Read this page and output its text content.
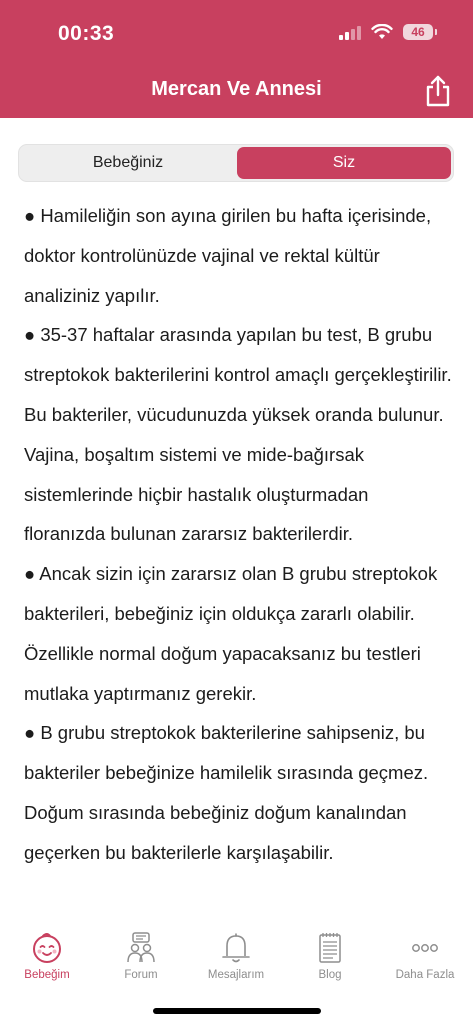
00:33	46
Mercan Ve Annesi
Bebeğiniz	Siz

● Hamileliğin son ayına girilen bu hafta içerisinde, doktor kontrolünüzde vajinal ve rektal kültür analiziniz yapılır.

● 35-37 haftalar arasında yapılan bu test, B grubu streptokok bakterilerini kontrol amaçlı gerçekleştirilir. Bu bakteriler, vücudunuzda yüksek oranda bulunur. Vajina, boşaltım sistemi ve mide-bağırsak sistemlerinde hiçbir hastalık oluşturmadan floranızda bulunan zararsız bakterilerdir.

● Ancak sizin için zararsız olan B grubu streptokok bakterileri, bebeğiniz için oldukça zararlı olabilir. Özellikle normal doğum yapacaksanız bu testleri mutlaka yaptırmanız gerekir.

● B grubu streptokok bakterilerine sahipseniz, bu bakteriler bebeğinize hamilelik sırasında geçmez. Doğum sırasında bebeğiniz doğum kanalından geçerken bu bakterilerle karşılaşabilir.

Bebeğim	Forum	Mesajlarım	Blog	Daha Fazla
